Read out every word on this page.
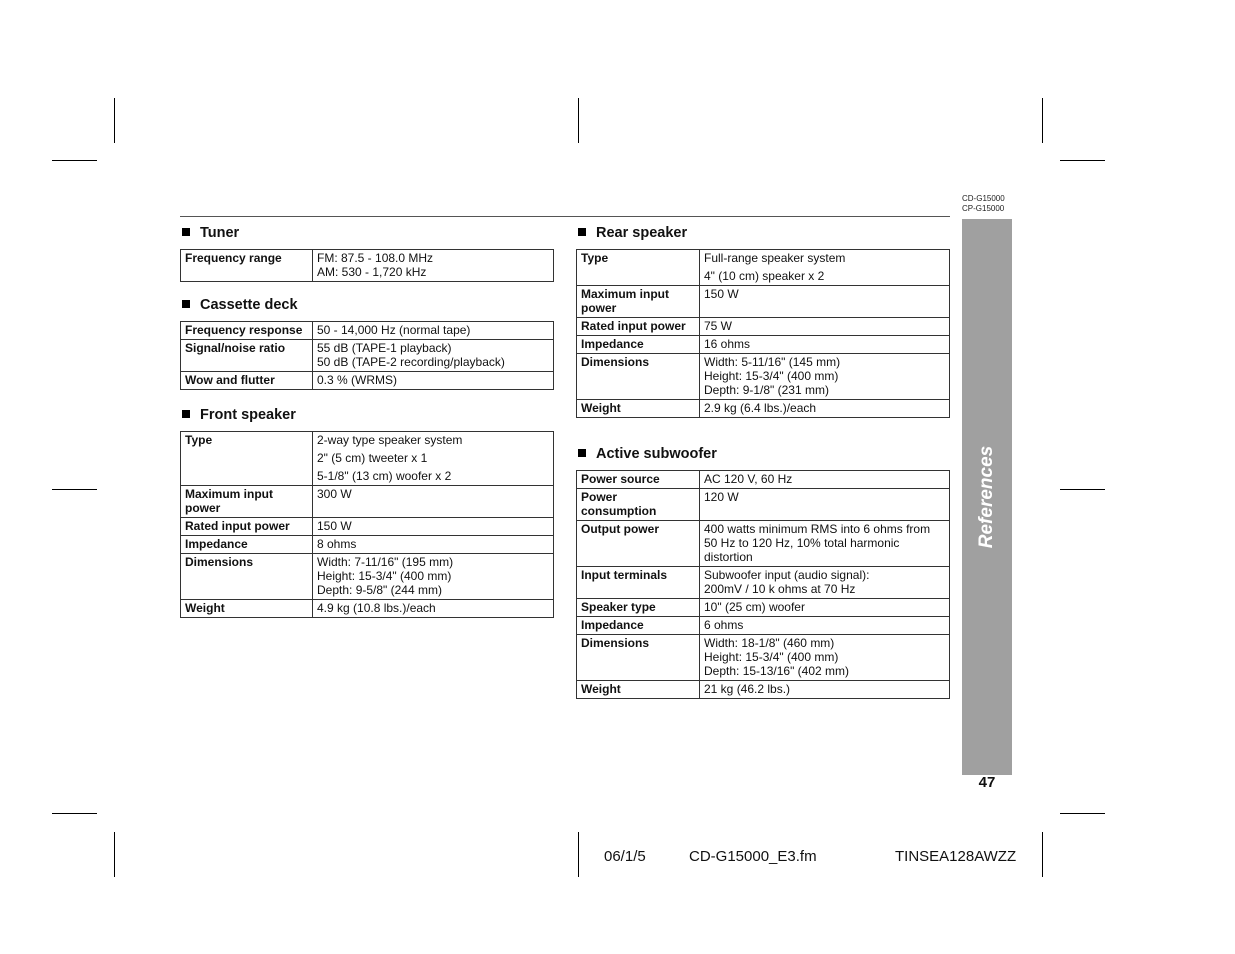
CD-G15000
CP-G15000
References
47
Tuner
Frequency range	FM: 87.5 - 108.0 MHz
AM: 530 - 1,720 kHz
Cassette deck
Frequency response	50 - 14,000 Hz (normal tape)

Signal/noise ratio	55 dB (TAPE-1 playback)
50 dB (TAPE-2 recording/playback)

Wow and flutter	0.3 % (WRMS)
Front speaker
Type	2-way type speaker system
2" (5 cm) tweeter x 1
5-1/8" (13 cm) woofer x 2

Maximum input power	300 W

Rated input power	150 W

Impedance	8 ohms

Dimensions	Width: 7-11/16" (195 mm)
Height: 15-3/4" (400 mm)
Depth: 9-5/8" (244 mm)

Weight	4.9 kg (10.8 lbs.)/each
Rear speaker
Type	Full-range speaker system
4" (10 cm) speaker x 2

Maximum input power	150 W

Rated input power	75 W

Impedance	16 ohms

Dimensions	Width: 5-11/16" (145 mm)
Height: 15-3/4" (400 mm)
Depth: 9-1/8" (231 mm)

Weight	2.9 kg (6.4 lbs.)/each
Active subwoofer
Power source	AC 120 V, 60 Hz

Power consumption	120 W

Output power	400 watts minimum RMS into 6 ohms from 50 Hz to 120 Hz, 10% total harmonic distortion

Input terminals	Subwoofer input (audio signal):
200mV / 10 k ohms at 70 Hz

Speaker type	10" (25 cm) woofer

Impedance	6 ohms

Dimensions	Width: 18-1/8" (460 mm)
Height: 15-3/4" (400 mm)
Depth: 15-13/16" (402 mm)

Weight	21 kg (46.2 lbs.)
06/1/5	CD-G15000_E3.fm	TINSEA128AWZZ
